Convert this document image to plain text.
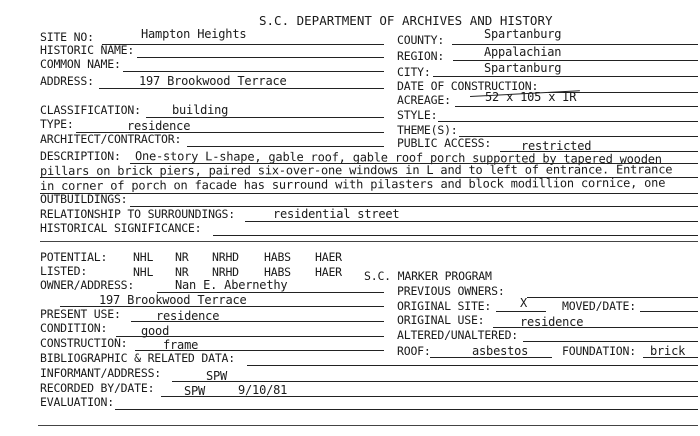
S.C. DEPARTMENT OF ARCHIVES AND HISTORY
SITE NO:	Hampton Heights
HISTORIC NAME:
COMMON NAME:
ADDRESS:	197 Brookwood Terrace
COUNTY:	Spartanburg
REGION:	Appalachian
CITY:	Spartanburg
DATE OF CONSTRUCTION:
ACREAGE:	52 x 105 x IR
CLASSIFICATION:	building	STYLE:
TYPE:	residence	THEME(S):
ARCHITECT/CONTRACTOR:	PUBLIC ACCESS: restricted
DESCRIPTION: One-story L-shape, gable roof, gable roof porch supported by tapered wooden
pillars on brick piers, paired six-over-one windows in L and to left of entrance. Entrance
in corner of porch on facade has surround with pilasters and block modillion cornice, one
OUTBUILDINGS:
RELATIONSHIP TO SURROUNDINGS:	residential street
HISTORICAL SIGNIFICANCE:
POTENTIAL: NHL NR NRHD HABS HAER
LISTED:	NHL NR NRHD HABS HAER S.C. MARKER PROGRAM
OWNER/ADDRESS:	Nan E. Abernethy
197 Brookwood Terrace
PREVIOUS OWNERS:
PRESENT USE:	residence
ORIGINAL SITE: X	MOVED/DATE:
CONDITION:	good
ORIGINAL USE:	residence
ALTERED/UNALTERED:
CONSTRUCTION:	frame	ROOF:	asbestos	FOUNDATION: brick
BIBLIOGRAPHIC & RELATED DATA:
INFORMANT/ADDRESS:	SPW
RECORDED BY/DATE: SPW	9/10/81
EVALUATION:
